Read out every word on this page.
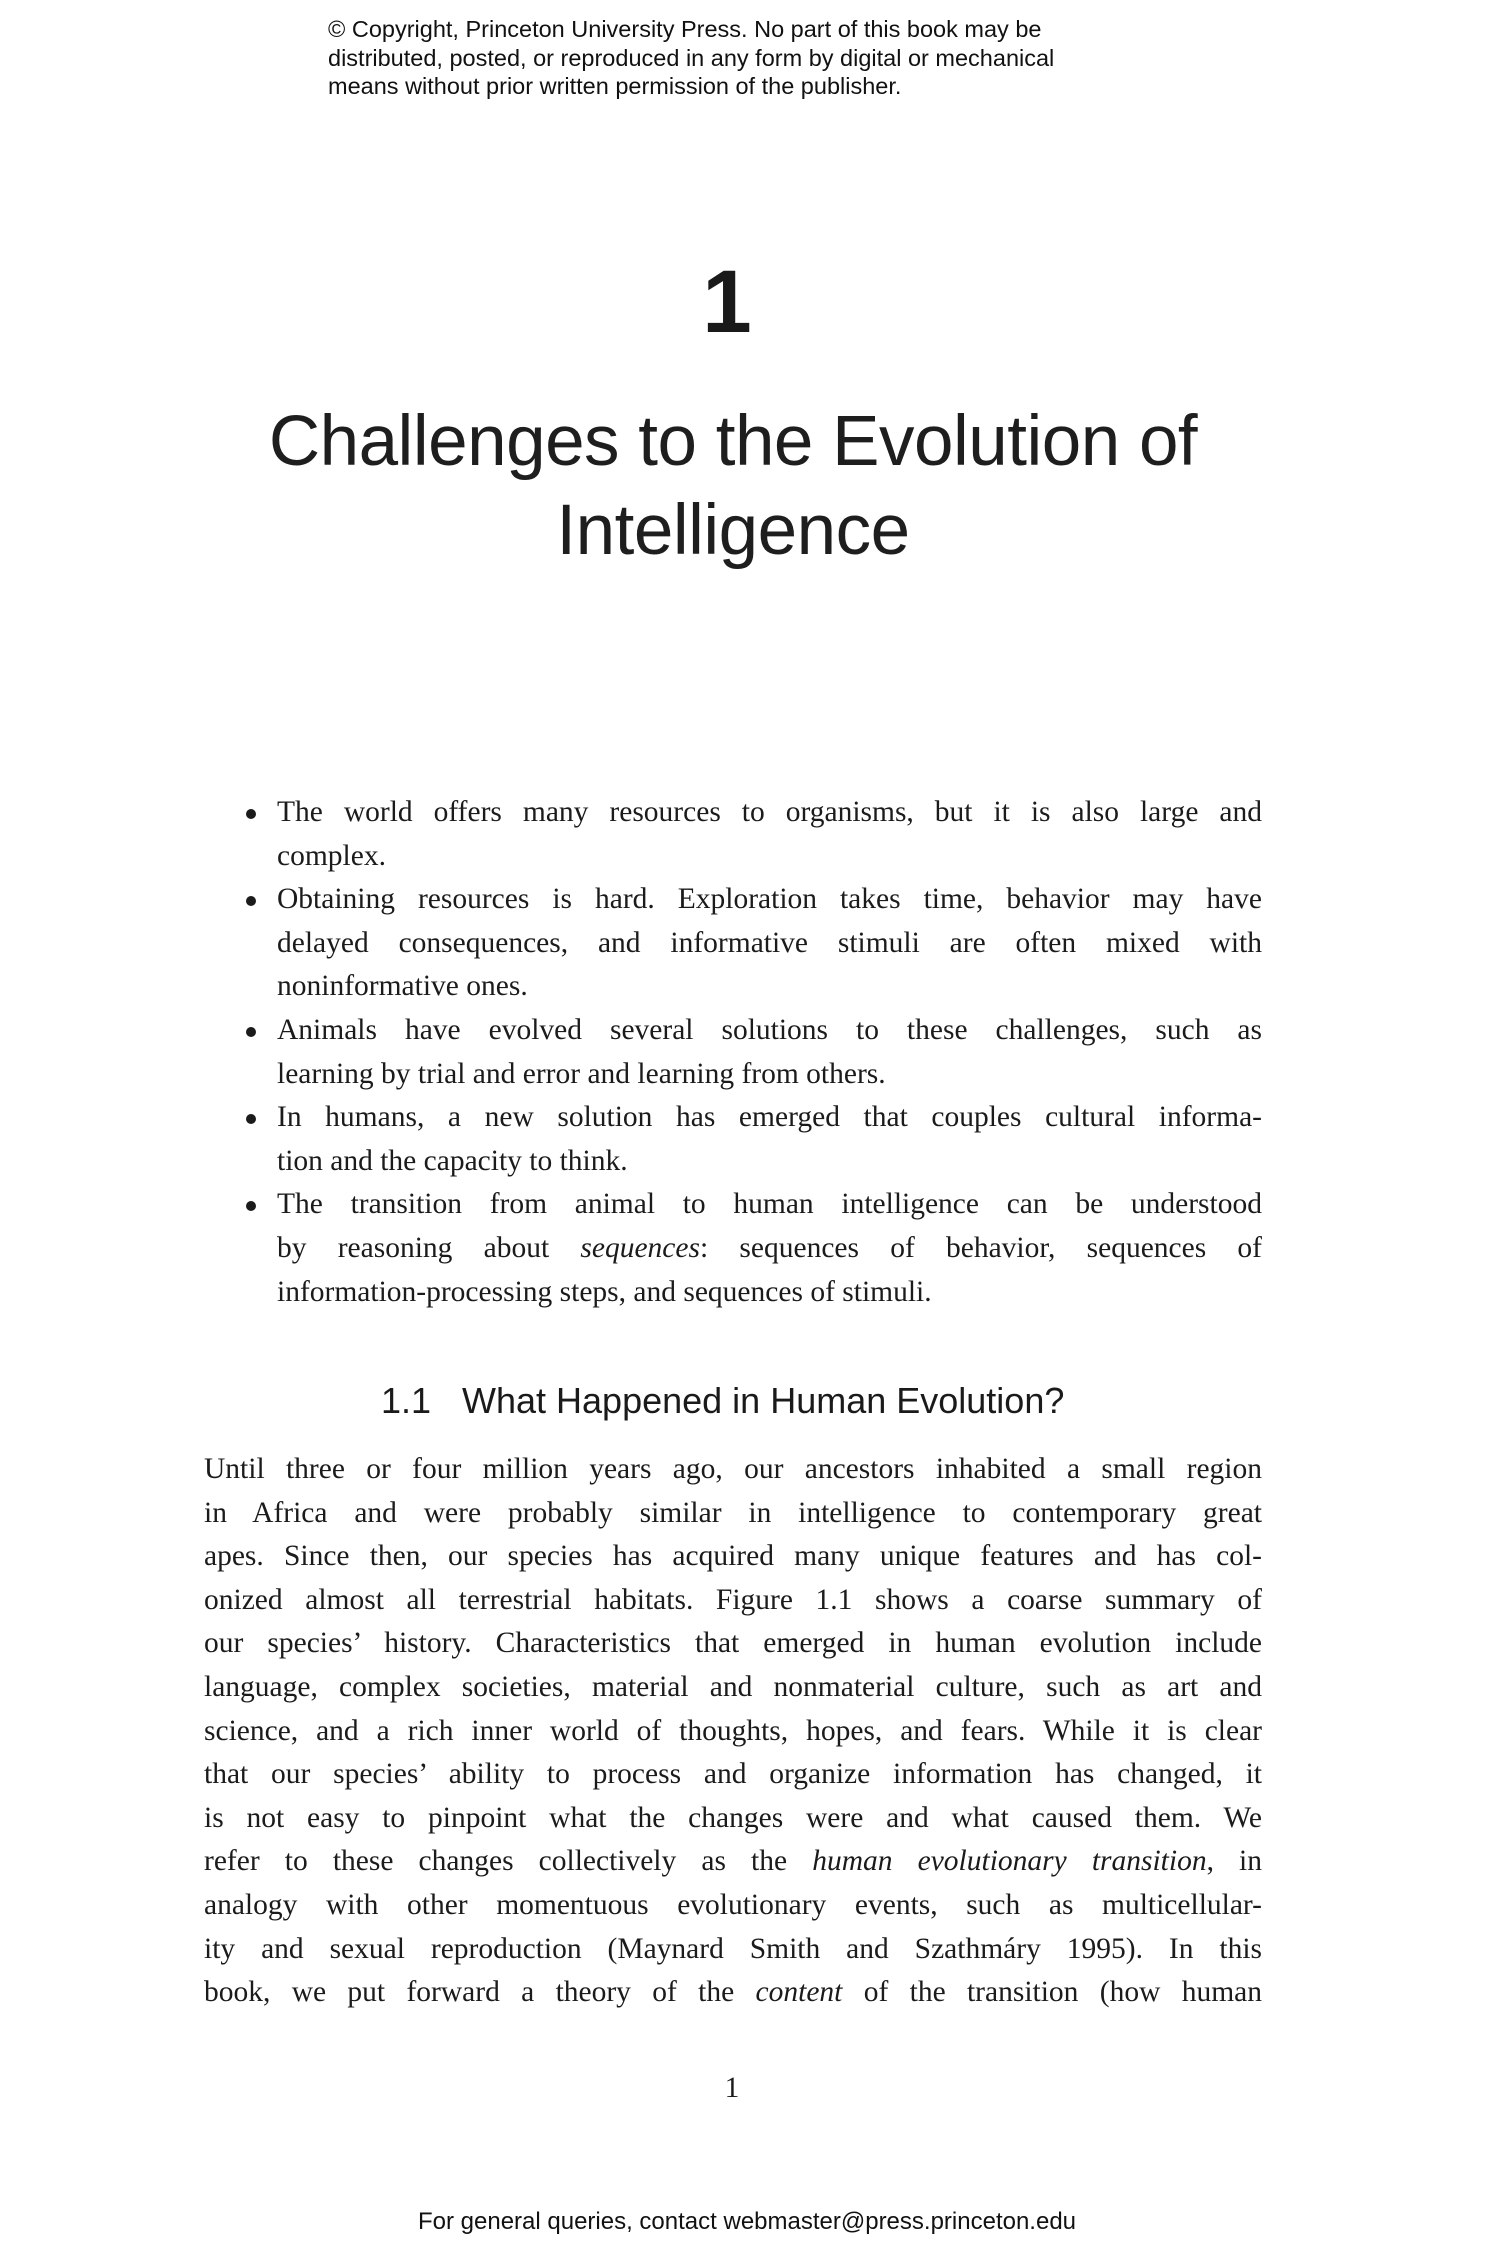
© Copyright, Princeton University Press. No part of this book may be
distributed, posted, or reproduced in any form by digital or mechanical
means without prior written permission of the publisher.
1
Challenges to the Evolution of
Intelligence
The world offers many resources to organisms, but it is also large and
complex.
Obtaining resources is hard. Exploration takes time, behavior may have
delayed consequences, and informative stimuli are often mixed with
noninformative ones.
Animals have evolved several solutions to these challenges, such as
learning by trial and error and learning from others.
In humans, a new solution has emerged that couples cultural informa-
tion and the capacity to think.
The transition from animal to human intelligence can be understood
by reasoning about sequences: sequences of behavior, sequences of
information-processing steps, and sequences of stimuli.
1.1 What Happened in Human Evolution?
Until three or four million years ago, our ancestors inhabited a small region
in Africa and were probably similar in intelligence to contemporary great
apes. Since then, our species has acquired many unique features and has col-
onized almost all terrestrial habitats. Figure 1.1 shows a coarse summary of
our species’ history. Characteristics that emerged in human evolution include
language, complex societies, material and nonmaterial culture, such as art and
science, and a rich inner world of thoughts, hopes, and fears. While it is clear
that our species’ ability to process and organize information has changed, it
is not easy to pinpoint what the changes were and what caused them. We
refer to these changes collectively as the human evolutionary transition, in
analogy with other momentuous evolutionary events, such as multicellular-
ity and sexual reproduction (Maynard Smith and Szathmáry 1995). In this
book, we put forward a theory of the content of the transition (how human
1
For general queries, contact webmaster@press.princeton.edu
